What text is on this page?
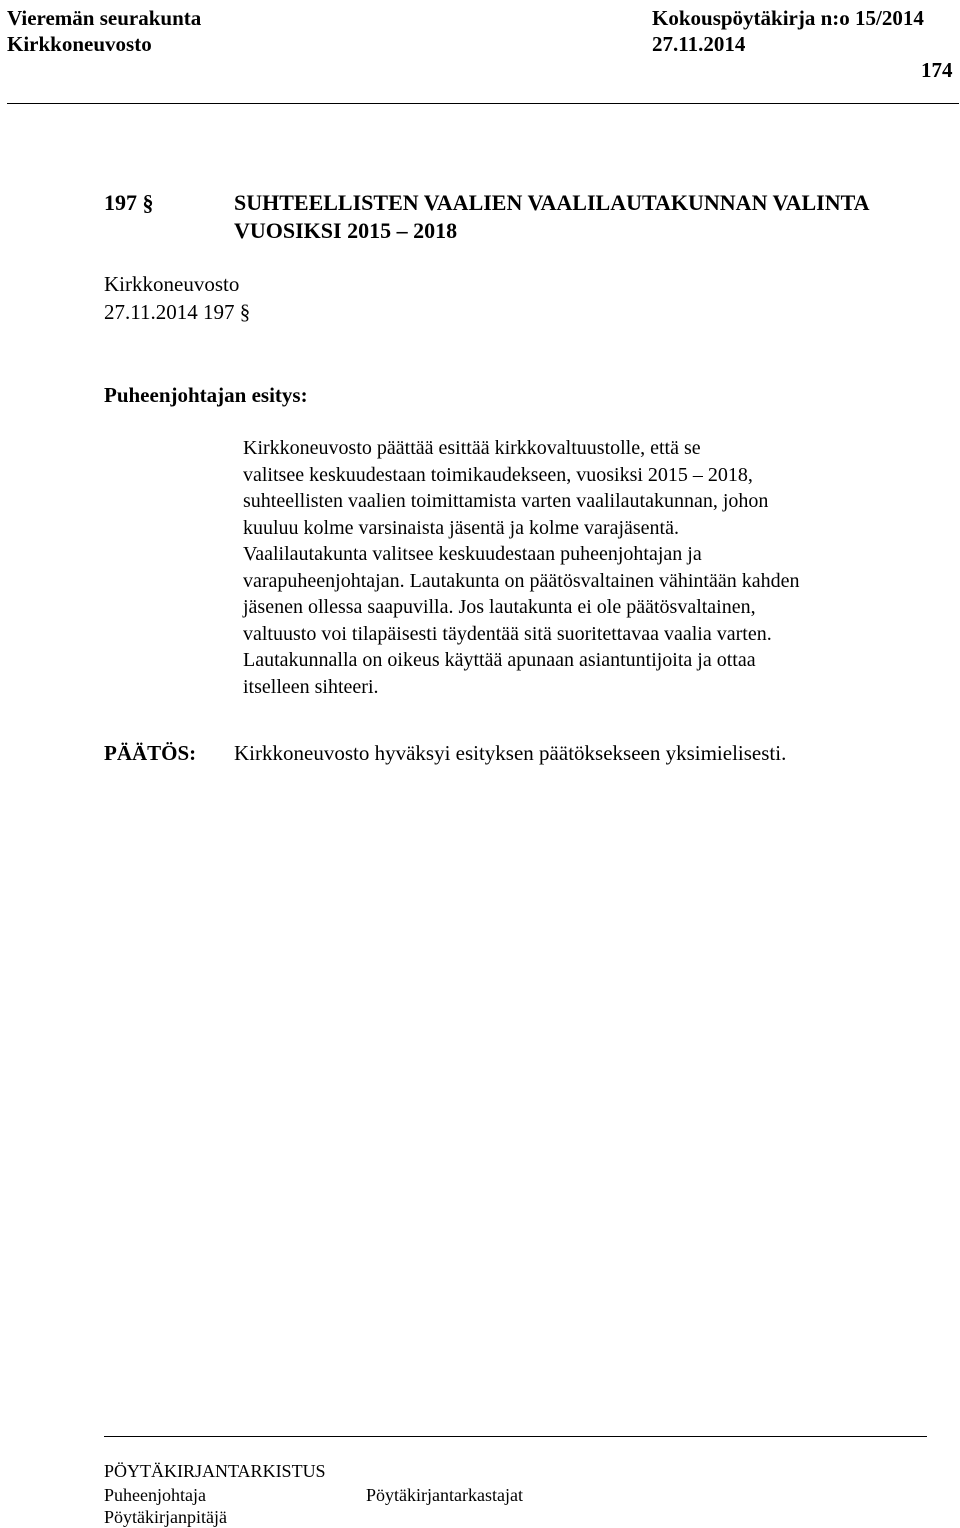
Vieremän seurakunta	Kokouspöytäkirja n:o 15/2014
Kirkkoneuvosto	27.11.2014
174
197 §	SUHTEELLISTEN VAALIEN VAALILAUTAKUNNAN VALINTA
VUOSIKSI 2015 – 2018
Kirkkoneuvosto
27.11.2014 197 §
Puheenjohtajan esitys:
Kirkkoneuvosto päättää esittää kirkkovaltuustolle, että se
valitsee keskuudestaan toimikaudekseen, vuosiksi 2015 – 2018,
suhteellisten vaalien toimittamista varten vaalilautakunnan, johon
kuuluu kolme varsinaista jäsentä ja kolme varajäsentä.
Vaalilautakunta valitsee keskuudestaan puheenjohtajan ja
varapuheenjohtajan. Lautakunta on päätösvaltainen vähintään kahden
jäsenen ollessa saapuvilla. Jos lautakunta ei ole päätösvaltainen,
valtuusto voi tilapäisesti täydentää sitä suoritettavaa vaalia varten.
Lautakunnalla on oikeus käyttää apunaan asiantuntijoita ja ottaa
itselleen sihteeri.
PÄÄTÖS: Kirkkoneuvosto hyväksyi esityksen päätöksekseen yksimielisesti.
PÖYTÄKIRJANTARKISTUS
Puheenjohtaja	Pöytäkirjantarkastajat
Pöytäkirjanpitäjä
